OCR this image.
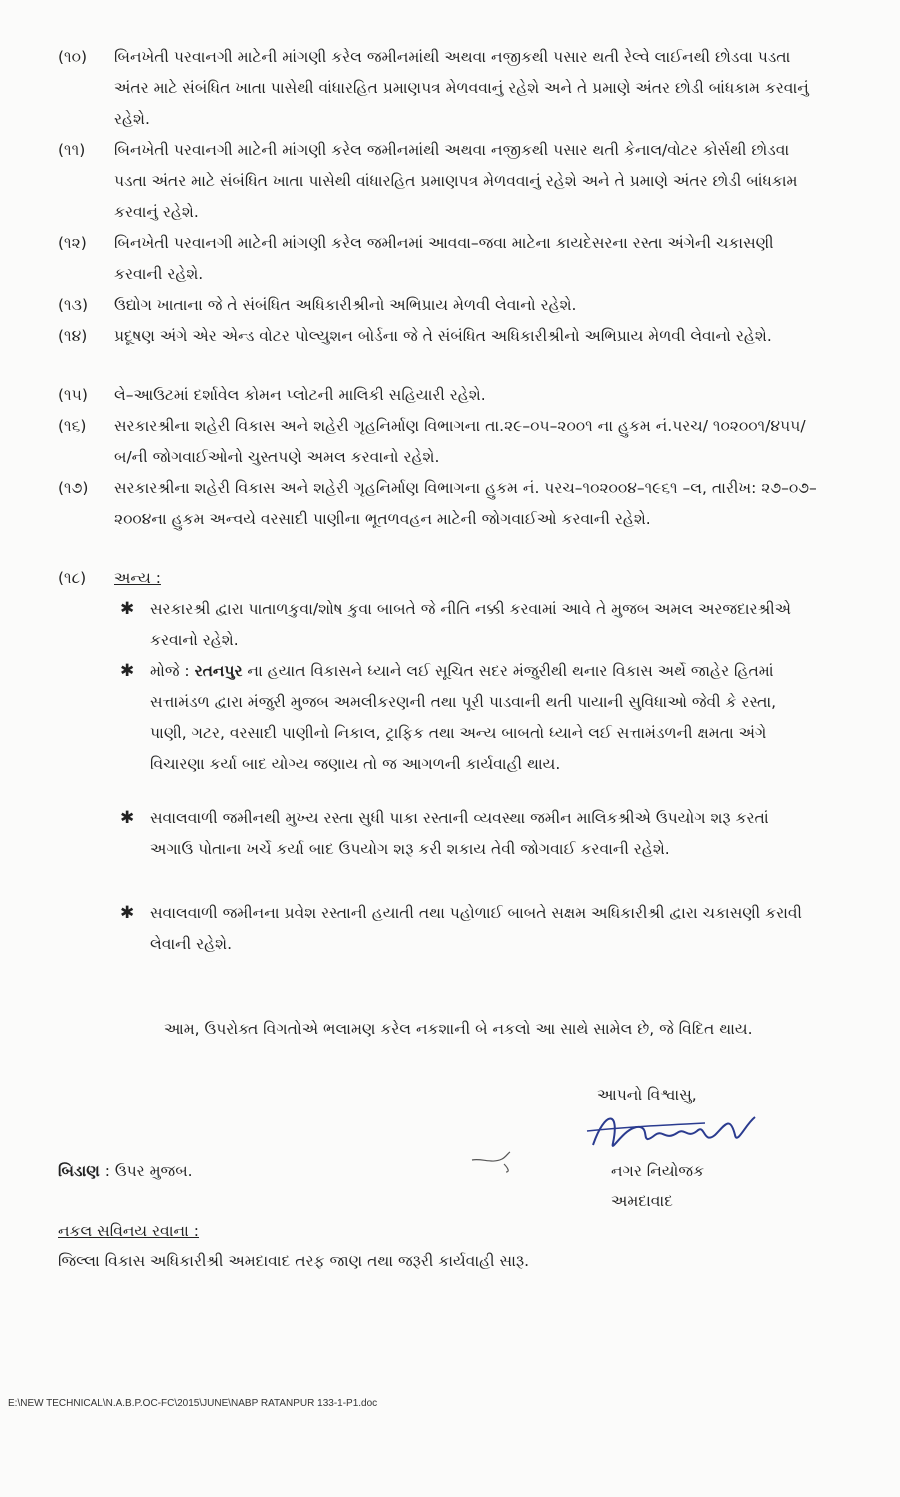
(૧૦)	બિનખેતી પરવાનગી માટેની માંગણી કરેલ જમીનમાંથી અથવા નજીકથી પસાર થતી રેલ્વે લાઈનથી છોડવા પડતા અંતર માટે સંબંધિત ખાતા પાસેથી વાંધારહિત પ્રમાણપત્ર મેળવવાનું રહેશે અને તે પ્રમાણે અંતર છોડી બાંધકામ કરવાનું રહેશે.
(૧૧)	બિનખેતી પરવાનગી માટેની માંગણી કરેલ જમીનમાંથી અથવા નજીકથી પસાર થતી કેનાલ/વોટર કોર્સથી છોડવા પડતા અંતર માટે સંબંધિત ખાતા પાસેથી વાંધારહિત પ્રમાણપત્ર મેળવવાનું રહેશે અને તે પ્રમાણે અંતર છોડી બાંધકામ કરવાનું રહેશે.
(૧૨)	બિનખેતી પરવાનગી માટેની માંગણી કરેલ જમીનમાં આવવા–જવા માટેના કાયદેસરના રસ્તા અંગેની ચકાસણી કરવાની રહેશે.
(૧૩)	ઉદ્યોગ ખાતાના જે તે સંબંધિત અધિકારીશ્રીનો અભિપ્રાય મેળવી લેવાનો રહેશે.
(૧૪)	પ્રદૂષણ અંગે એર એન્ડ વોટર પોલ્યુશન બોર્ડના જે તે સંબંધિત અધિકારીશ્રીનો અભિપ્રાય મેળવી લેવાનો રહેશે.
(૧૫)	લે–આઉટમાં દર્શાવેલ કોમન પ્લોટની માલિકી સહિયારી રહેશે.
(૧૬)	સરકારશ્રીના શહેરી વિકાસ અને શહેરી ગૃહનિર્માણ વિભાગના તા.૨૯–૦૫–૨૦૦૧ ના હુકમ નં.પરચ/ ૧૦૨૦૦૧/૪૫૫/બ/ની જોગવાઈઓનો ચુસ્તપણે અમલ કરવાનો રહેશે.
(૧૭)	સરકારશ્રીના શહેરી વિકાસ અને શહેરી ગૃહનિર્માણ વિભાગના હુકમ નં. પરચ–૧૦૨૦૦૪–૧૯૬૧ –લ, તારીખ: ૨૭–૦૭–૨૦૦૪ના હુકમ અન્વયે વરસાદી પાણીના ભૂતળવહન માટેની જોગવાઈઓ કરવાની રહેશે.
(૧૮)	અન્ય :
✱ સરકારશ્રી દ્વારા પાતાળકુવા/શોષ કુવા બાબતે જે નીતિ નક્કી કરવામાં આવે તે મુજબ અમલ અરજદારશ્રીએ કરવાનો રહેશે.
✱ મોજે : રતનપુર ના હયાત વિકાસને ધ્યાને લઈ સૂચિત સદર મંજુરીથી થનાર વિકાસ અર્થે જાહેર હિતમાં સત્તામંડળ દ્વારા મંજુરી મુજબ અમલીકરણની તથા પૂરી પાડવાની થતી પાયાની સુવિધાઓ જેવી કે રસ્તા, પાણી, ગટર, વરસાદી પાણીનો નિકાલ, ટ્રાફિક તથા અન્ય બાબતો ધ્યાને લઈ સત્તામંડળની ક્ષમતા અંગે વિચારણા કર્યા બાદ યોગ્ય જણાય તો જ આગળની કાર્યવાહી થાય.
✱ સવાલવાળી જમીનથી મુખ્ય રસ્તા સુધી પાકા રસ્તાની વ્યવસ્થા જમીન માલિકશ્રીએ ઉપયોગ શરૂ કરતાં અગાઉ પોતાના ખર્ચે કર્યા બાદ ઉપયોગ શરૂ કરી શકાય તેવી જોગવાઈ કરવાની રહેશે.
✱ સવાલવાળી જમીનના પ્રવેશ રસ્તાની હયાતી તથા પહોળાઈ બાબતે સક્ષમ અધિકારીશ્રી દ્વારા ચકાસણી કરાવી લેવાની રહેશે.
આમ, ઉપરોક્ત વિગતોએ ભલામણ કરેલ નકશાની બે નકલો આ સાથે સામેલ છે, જે વિદિત થાય.
આપનો વિશ્વાસુ,
નગર નિયોજક
અમદાવાદ
બિડાણ : ઉપર મુજબ.
નકલ સવિનય રવાના :
જિલ્લા વિકાસ અધિકારીશ્રી અમદાવાદ તરફ જાણ તથા જરૂરી કાર્યવાહી સારૂ.
E:\NEW TECHNICAL\N.A.B.P.OC-FC\2015\JUNE\NABP RATANPUR 133-1-P1.doc
